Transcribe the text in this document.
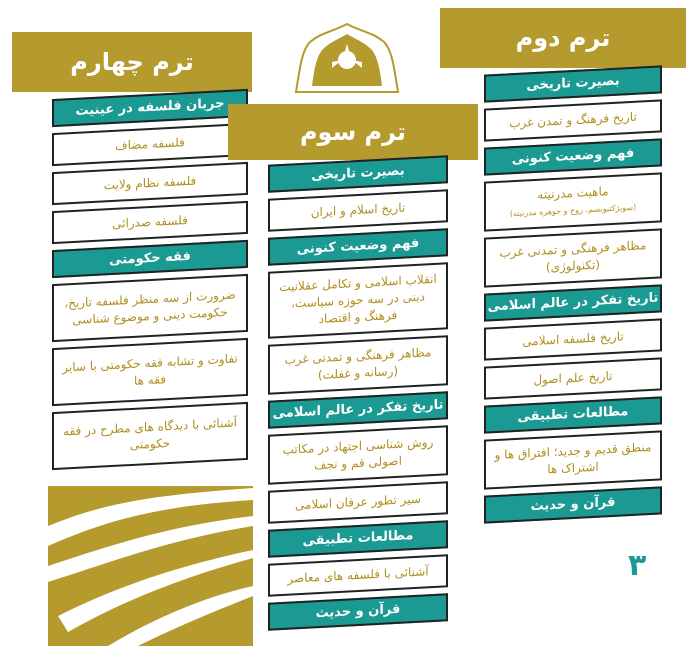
ترم چهارم
جریان فلسفه در عینیت
فلسفه مضاف
فلسفه نظام ولایت
فلسفه صدرائی
فقه حکومتی
ضرورت از سه منظر فلسفه تاریخ، حکومت دینی و موضوع شناسی
تفاوت و تشابه فقه حکومتی با سایر فقه ها
آشنائی با دیدگاه های مطرح در فقه حکومتی
ترم سوم
بصیرت تاریخی
تاریخ اسلام و ایران
فهم وضعیت کنونی
انقلاب اسلامی و تکامل عقلانیت دینی در سه حوزه سیاست، فرهنگ و اقتصاد
مظاهر فرهنگی و تمدنی غرب (رسانه و غفلت)
تاریخ تفکر در عالم اسلامی
روش شناسی اجتهاد در مکاتب اصولی قم و نجف
سیر تطور عرفان اسلامی
مطالعات تطبیقی
آشنائی با فلسفه های معاصر
قرآن و حدیث
ترم دوم
بصیرت تاریخی
تاریخ فرهنگ و تمدن غرب
فهم وضعیت کنونی
ماهیت مدرنیته
(سوبژکتیویسم، روح و جوهره مدرنیته)
مظاهر فرهنگی و تمدنی غرب (تکنولوژی)
تاریخ تفکر در عالم اسلامی
تاریخ فلسفه اسلامی
تاریخ علم اصول
مطالعات تطبیقی
منطق قدیم و جدید؛ افتراق ها و اشتراک ها
قرآن و حدیث
۳
